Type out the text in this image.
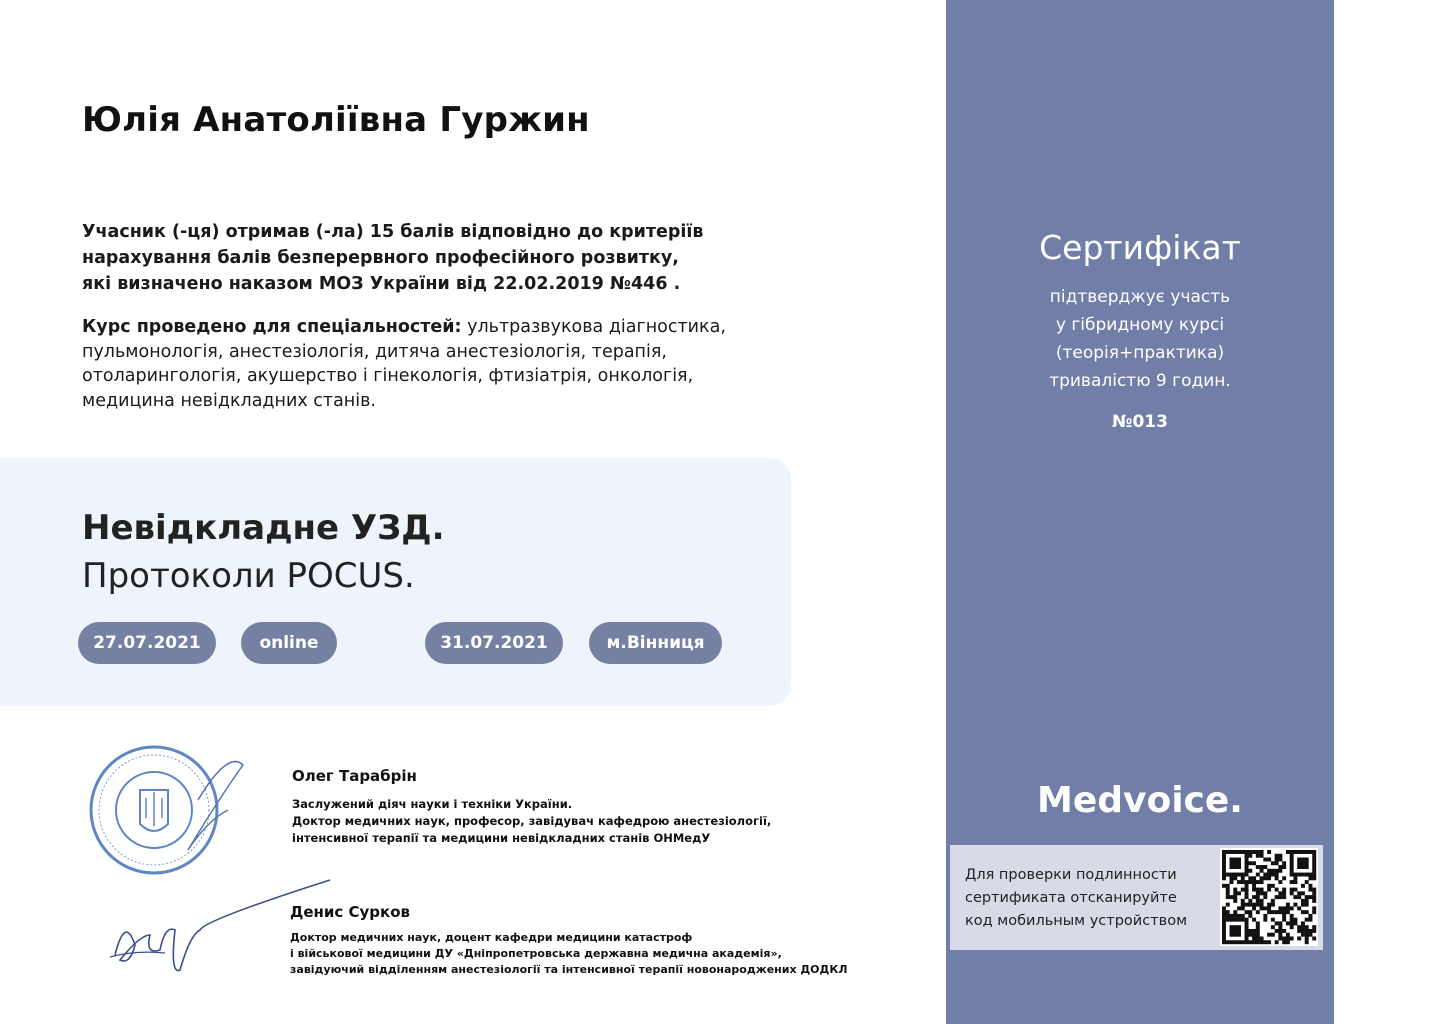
Юлія Анатоліївна Гуржин
Учасник (-ця) отримав (-ла) 15 балів відповідно до критеріїв
нарахування балів безперервного професійного розвитку,
які визначено наказом МОЗ України від 22.02.2019 №446 .
Курс проведено для спеціальностей: ультразвукова діагностика,
пульмонологія, анестезіологія, дитяча анестезіологія, терапія,
отоларингологія, акушерство і гінекологія, фтизіатрія, онкологія,
медицина невідкладних станів.
Невідкладне УЗД.
Протоколи POCUS.
27.07.2021	online	31.07.2021	м.Вінниця
Олег Тарабрін
Заслужений діяч науки і техніки України.
Доктор медичних наук, професор, завідувач кафедрою анестезіології,
інтенсивної терапії та медицини невідкладних станів ОНМедУ
Денис Сурков
Доктор медичних наук, доцент кафедри медицини катастроф
і військової медицини ДУ «Дніпропетровська державна медична академія»,
завідуючий відділенням анестезіології та інтенсивної терапії новонароджених ДОДКЛ
Сертифікат
підтверджує участь
у гібридному курсі
(теорія+практика)
тривалістю 9 годин.
№013
Medvoice.
Для проверки подлинности
сертификата отсканируйте
код мобильным устройством
